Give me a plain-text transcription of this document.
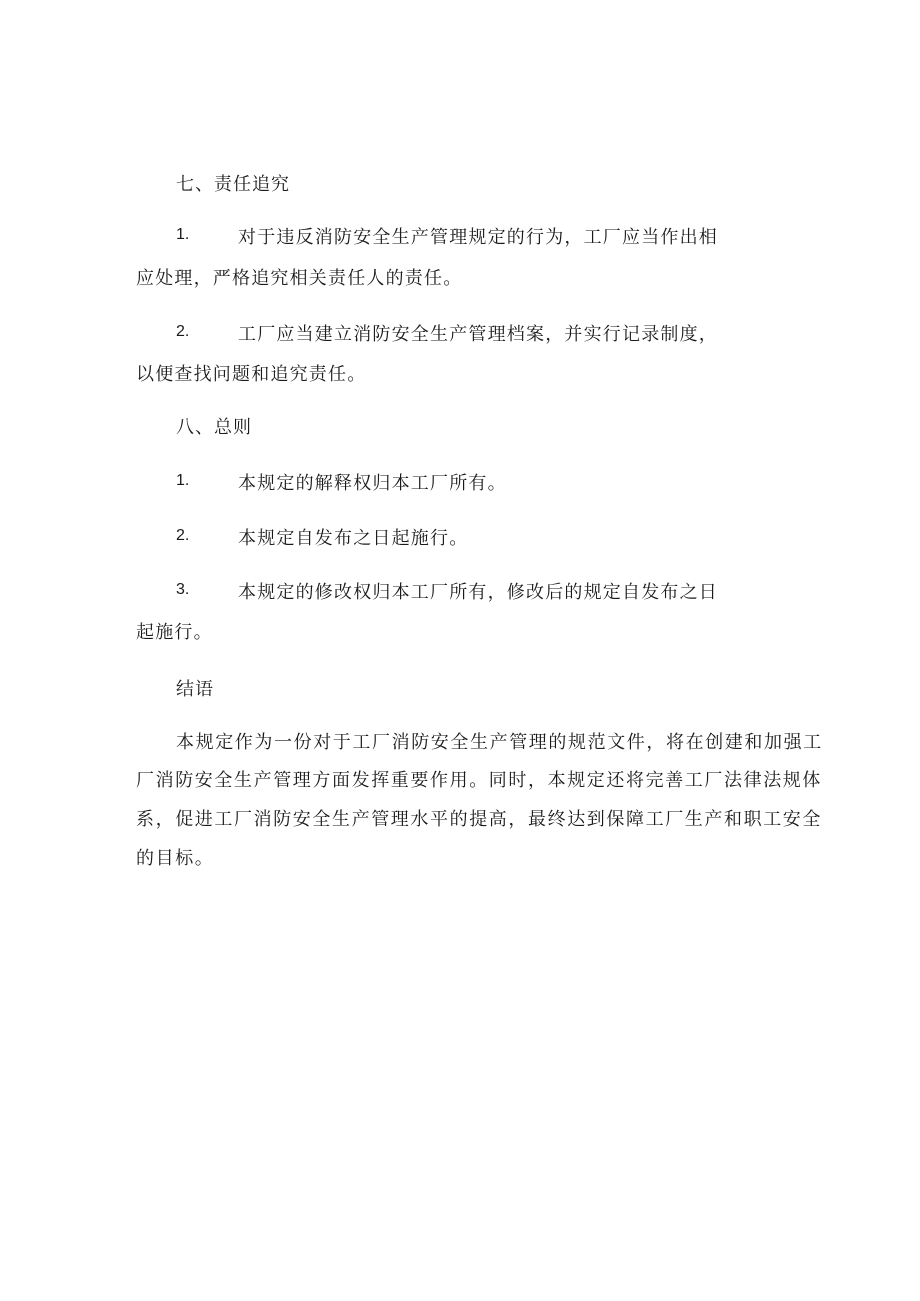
七、责任追究
1.	对于违反消防安全生产管理规定的行为，工厂应当作出相
应处理，严格追究相关责任人的责任。
2.	工厂应当建立消防安全生产管理档案，并实行记录制度，
以便查找问题和追究责任。
八、总则
1.	本规定的解释权归本工厂所有。
2.	本规定自发布之日起施行。
3.	本规定的修改权归本工厂所有，修改后的规定自发布之日
起施行。
结语
本规定作为一份对于工厂消防安全生产管理的规范文件，将在创建和加强工
厂消防安全生产管理方面发挥重要作用。同时，本规定还将完善工厂法律法规体
系，促进工厂消防安全生产管理水平的提高，最终达到保障工厂生产和职工安全
的目标。
